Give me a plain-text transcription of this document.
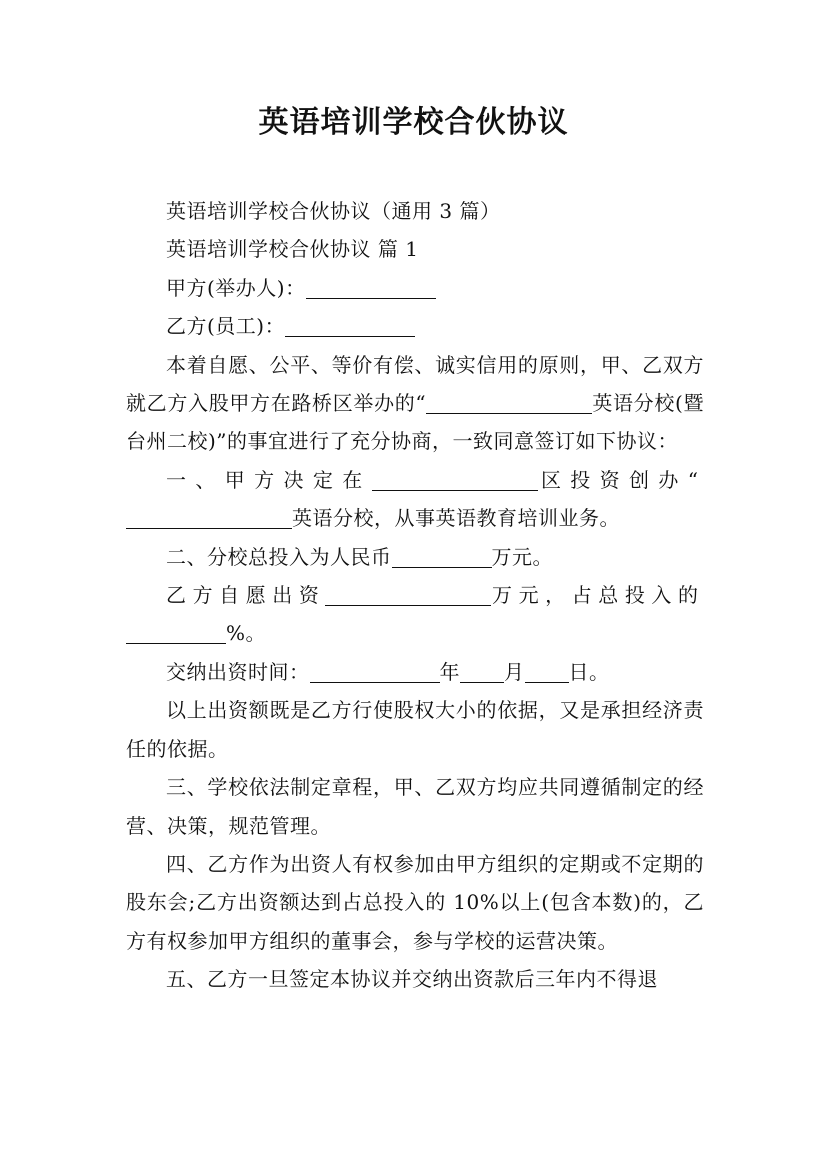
英语培训学校合伙协议

英语培训学校合伙协议（通用 3 篇）

英语培训学校合伙协议 篇 1

甲方(举办人)：

乙方(员工)：

本着自愿、公平、等价有偿、诚实信用的原则，甲、乙双方就乙方入股甲方在路桥区举办的“	英语分校(暨台州二校)”的事宜进行了充分协商，一致同意签订如下协议：

一、甲方决定在	区投资创办“英语分校，从事英语教育培训业务。

二、分校总投入为人民币	万元。

乙方自愿出资	万元，占总投入的%。

交纳出资时间：	年 月 日。

以上出资额既是乙方行使股权大小的依据，又是承担经济责任的依据。

三、学校依法制定章程，甲、乙双方均应共同遵循制定的经营、决策，规范管理。

四、乙方作为出资人有权参加由甲方组织的定期或不定期的股东会;乙方出资额达到占总投入的 10%以上(包含本数)的，乙方有权参加甲方组织的董事会，参与学校的运营决策。

五、乙方一旦签定本协议并交纳出资款后三年内不得退
